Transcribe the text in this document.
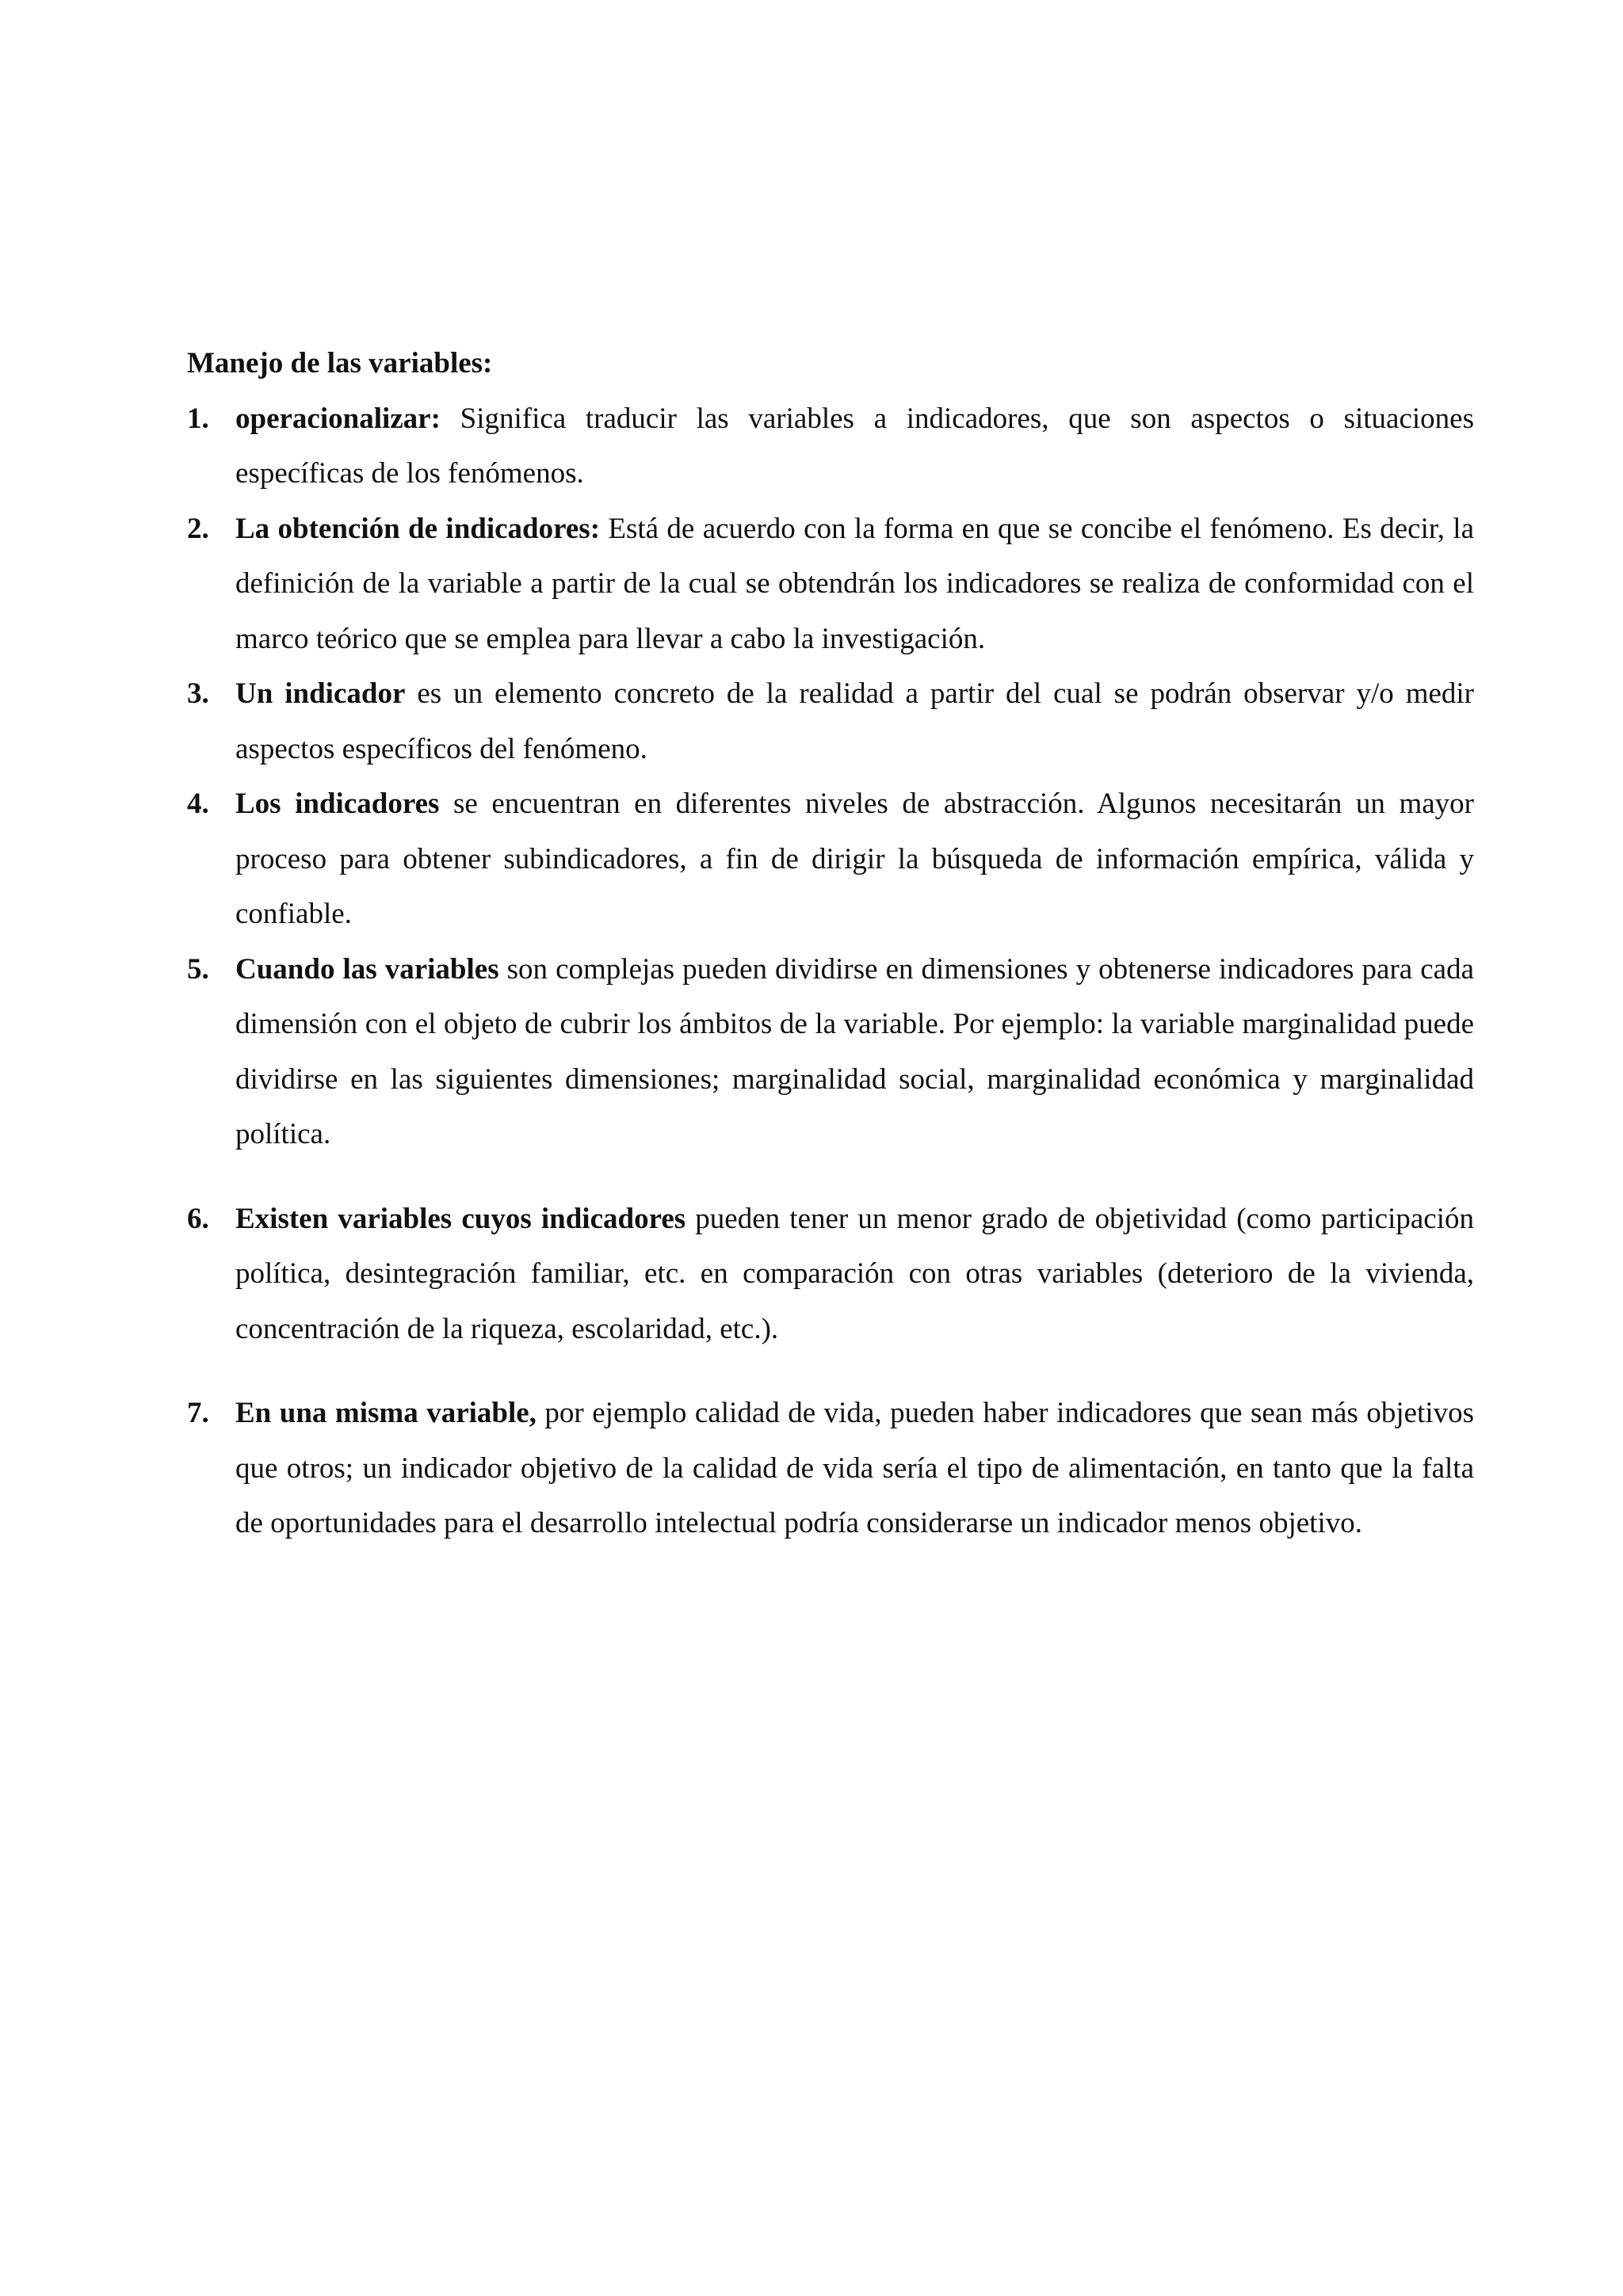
Manejo de las variables:

1. operacionalizar: Significa traducir las variables a indicadores, que son aspectos o situaciones específicas de los fenómenos.
2. La obtención de indicadores: Está de acuerdo con la forma en que se concibe el fenómeno. Es decir, la definición de la variable a partir de la cual se obtendrán los indicadores se realiza de conformidad con el marco teórico que se emplea para llevar a cabo la investigación.
3. Un indicador es un elemento concreto de la realidad a partir del cual se podrán observar y/o medir aspectos específicos del fenómeno.
4. Los indicadores se encuentran en diferentes niveles de abstracción. Algunos necesitarán un mayor proceso para obtener subindicadores, a fin de dirigir la búsqueda de información empírica, válida y confiable.
5. Cuando las variables son complejas pueden dividirse en dimensiones y obtenerse indicadores para cada dimensión con el objeto de cubrir los ámbitos de la variable. Por ejemplo: la variable marginalidad puede dividirse en las siguientes dimensiones; marginalidad social, marginalidad económica y marginalidad política.
6. Existen variables cuyos indicadores pueden tener un menor grado de objetividad (como participación política, desintegración familiar, etc. en comparación con otras variables (deterioro de la vivienda, concentración de la riqueza, escolaridad, etc.).
7. En una misma variable, por ejemplo calidad de vida, pueden haber indicadores que sean más objetivos que otros; un indicador objetivo de la calidad de vida sería el tipo de alimentación, en tanto que la falta de oportunidades para el desarrollo intelectual podría considerarse un indicador menos objetivo.
